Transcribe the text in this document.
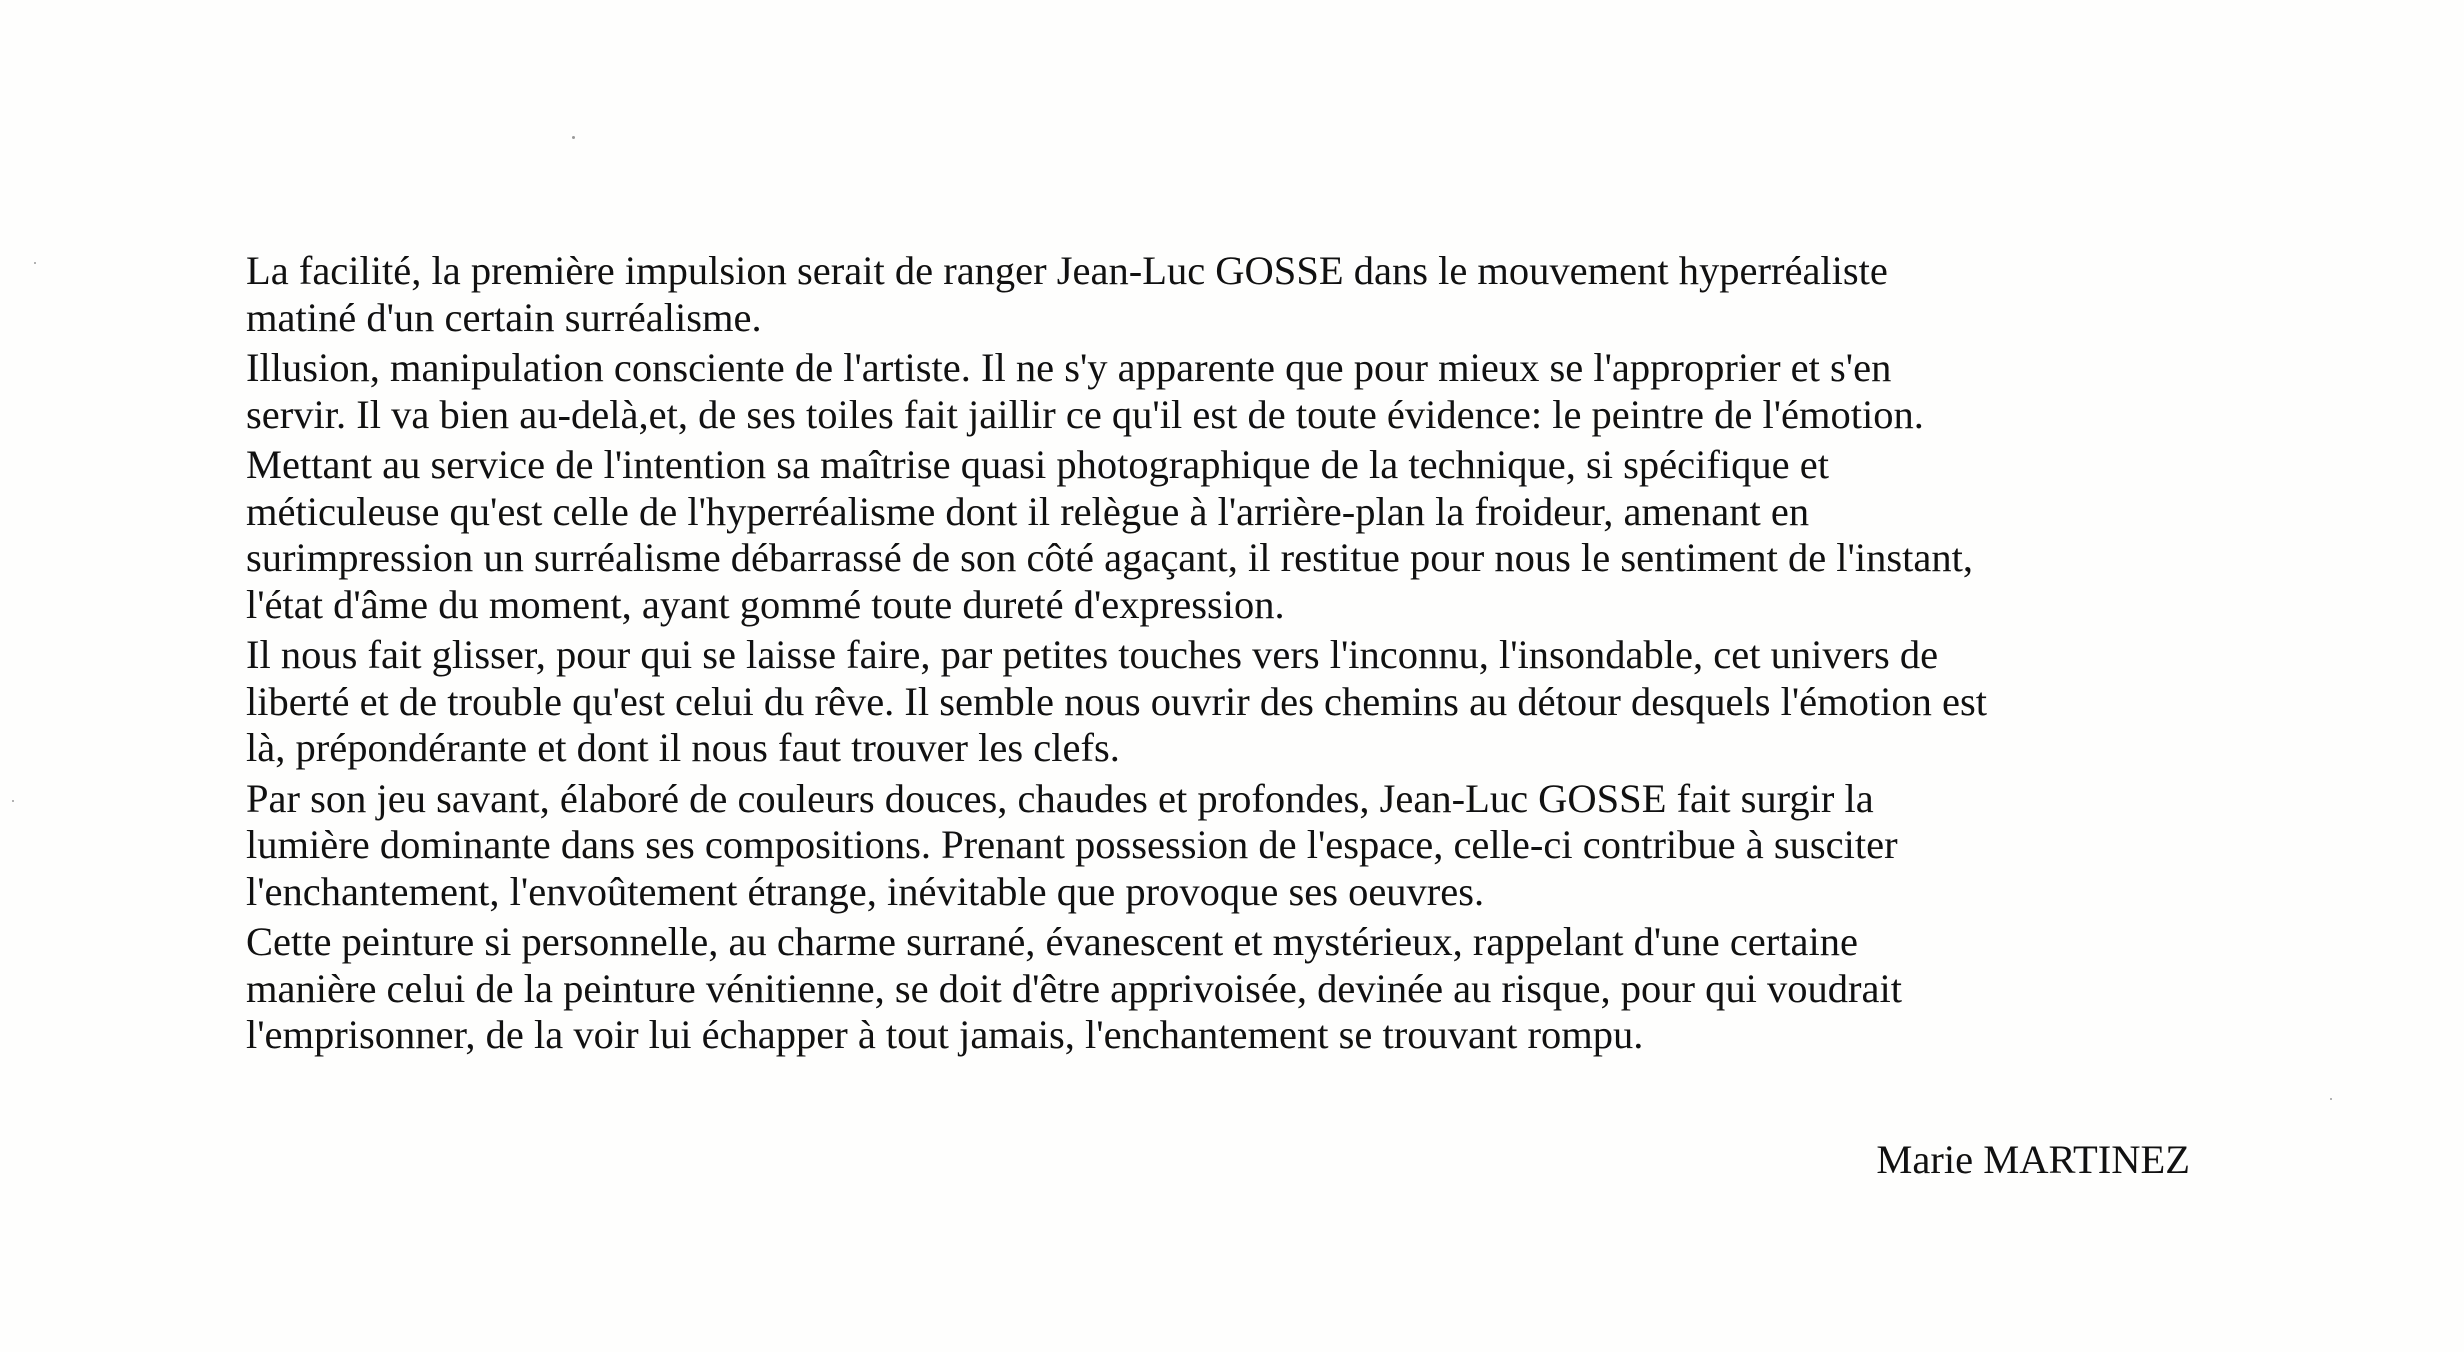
La facilité, la première impulsion serait de ranger Jean-Luc GOSSE dans le mouvement hyperréaliste
matiné d'un certain surréalisme.
Illusion, manipulation consciente de l'artiste. Il ne s'y apparente que pour mieux se l'approprier et s'en
servir. Il va bien au-delà,et, de ses toiles fait jaillir ce qu'il est de toute évidence: le peintre de l'émotion.
Mettant au service de l'intention sa maîtrise quasi photographique de la technique, si spécifique et
méticuleuse qu'est celle de l'hyperréalisme dont il relègue à l'arrière-plan la froideur, amenant en
surimpression un surréalisme débarrassé de son côté agaçant, il restitue pour nous le sentiment de l'instant,
l'état d'âme du moment, ayant gommé toute dureté d'expression.
Il nous fait glisser, pour qui se laisse faire, par petites touches vers l'inconnu, l'insondable, cet univers de
liberté et de trouble qu'est celui du rêve. Il semble nous ouvrir des chemins au détour desquels l'émotion est
là, prépondérante et dont il nous faut trouver les clefs.
Par son jeu savant, élaboré de couleurs douces, chaudes et profondes, Jean-Luc GOSSE fait surgir la
lumière dominante dans ses compositions. Prenant possession de l'espace, celle-ci contribue à susciter
l'enchantement, l'envoûtement étrange, inévitable que provoque ses oeuvres.
Cette peinture si personnelle, au charme surrané, évanescent et mystérieux, rappelant d'une certaine
manière celui de la peinture vénitienne, se doit d'être apprivoisée, devinée au risque, pour qui voudrait
l'emprisonner, de la voir lui échapper à tout jamais, l'enchantement se trouvant rompu.
Marie MARTINEZ
